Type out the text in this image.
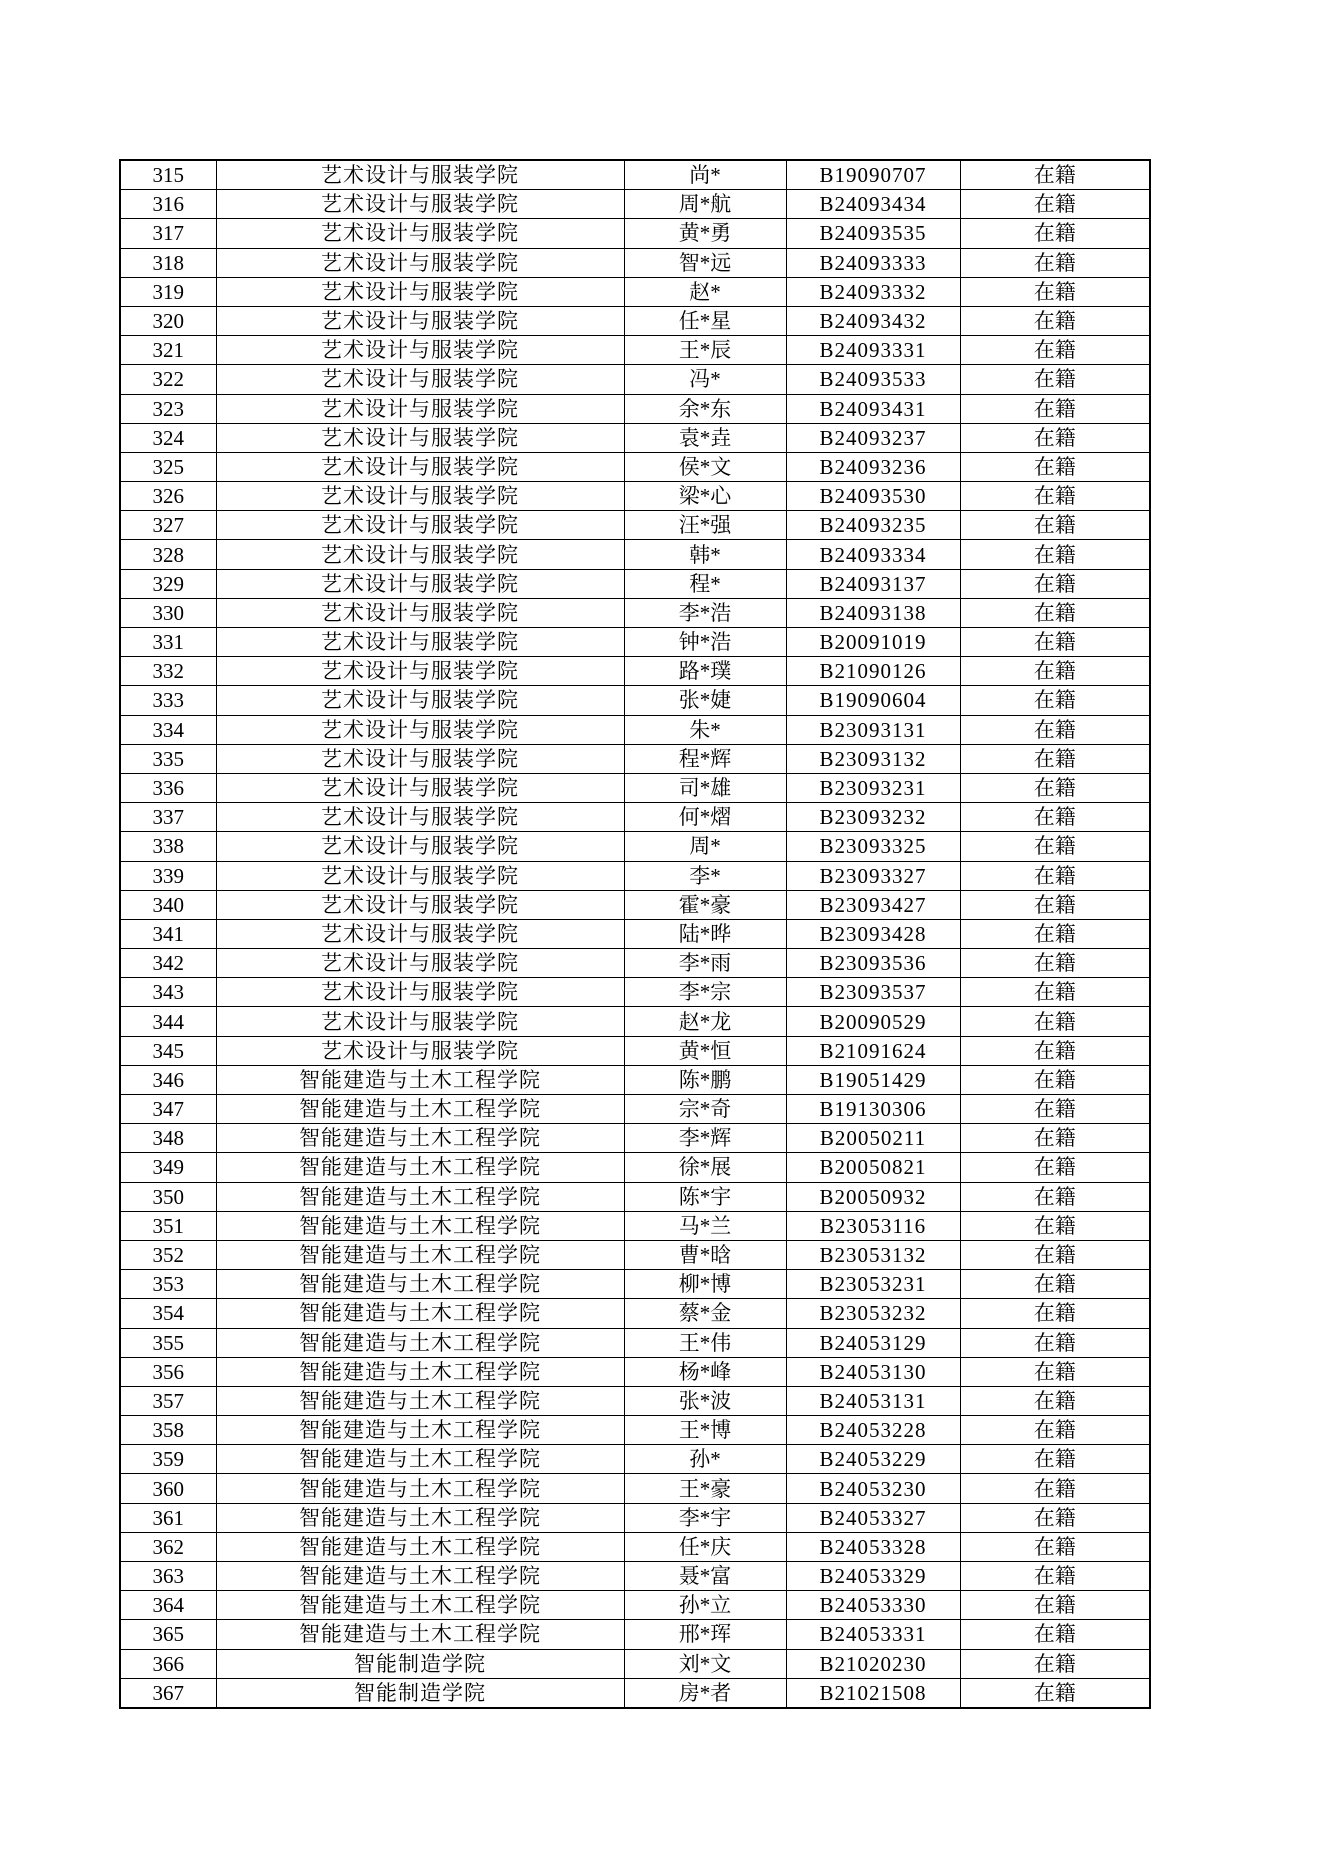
315	艺术设计与服装学院	尚*	B19090707	在籍
316	艺术设计与服装学院	周*航	B24093434	在籍
317	艺术设计与服装学院	黄*勇	B24093535	在籍
318	艺术设计与服装学院	智*远	B24093333	在籍
319	艺术设计与服装学院	赵*	B24093332	在籍
320	艺术设计与服装学院	任*星	B24093432	在籍
321	艺术设计与服装学院	王*辰	B24093331	在籍
322	艺术设计与服装学院	冯*	B24093533	在籍
323	艺术设计与服装学院	余*东	B24093431	在籍
324	艺术设计与服装学院	袁*垚	B24093237	在籍
325	艺术设计与服装学院	侯*文	B24093236	在籍
326	艺术设计与服装学院	梁*心	B24093530	在籍
327	艺术设计与服装学院	汪*强	B24093235	在籍
328	艺术设计与服装学院	韩*	B24093334	在籍
329	艺术设计与服装学院	程*	B24093137	在籍
330	艺术设计与服装学院	李*浩	B24093138	在籍
331	艺术设计与服装学院	钟*浩	B20091019	在籍
332	艺术设计与服装学院	路*璞	B21090126	在籍
333	艺术设计与服装学院	张*婕	B19090604	在籍
334	艺术设计与服装学院	朱*	B23093131	在籍
335	艺术设计与服装学院	程*辉	B23093132	在籍
336	艺术设计与服装学院	司*雄	B23093231	在籍
337	艺术设计与服装学院	何*熠	B23093232	在籍
338	艺术设计与服装学院	周*	B23093325	在籍
339	艺术设计与服装学院	李*	B23093327	在籍
340	艺术设计与服装学院	霍*豪	B23093427	在籍
341	艺术设计与服装学院	陆*晔	B23093428	在籍
342	艺术设计与服装学院	李*雨	B23093536	在籍
343	艺术设计与服装学院	李*宗	B23093537	在籍
344	艺术设计与服装学院	赵*龙	B20090529	在籍
345	艺术设计与服装学院	黄*恒	B21091624	在籍
346	智能建造与土木工程学院	陈*鹏	B19051429	在籍
347	智能建造与土木工程学院	宗*奇	B19130306	在籍
348	智能建造与土木工程学院	李*辉	B20050211	在籍
349	智能建造与土木工程学院	徐*展	B20050821	在籍
350	智能建造与土木工程学院	陈*宇	B20050932	在籍
351	智能建造与土木工程学院	马*兰	B23053116	在籍
352	智能建造与土木工程学院	曹*晗	B23053132	在籍
353	智能建造与土木工程学院	柳*博	B23053231	在籍
354	智能建造与土木工程学院	蔡*金	B23053232	在籍
355	智能建造与土木工程学院	王*伟	B24053129	在籍
356	智能建造与土木工程学院	杨*峰	B24053130	在籍
357	智能建造与土木工程学院	张*波	B24053131	在籍
358	智能建造与土木工程学院	王*博	B24053228	在籍
359	智能建造与土木工程学院	孙*	B24053229	在籍
360	智能建造与土木工程学院	王*豪	B24053230	在籍
361	智能建造与土木工程学院	李*宇	B24053327	在籍
362	智能建造与土木工程学院	任*庆	B24053328	在籍
363	智能建造与土木工程学院	聂*富	B24053329	在籍
364	智能建造与土木工程学院	孙*立	B24053330	在籍
365	智能建造与土木工程学院	邢*珲	B24053331	在籍
366	智能制造学院	刘*文	B21020230	在籍
367	智能制造学院	房*者	B21021508	在籍
